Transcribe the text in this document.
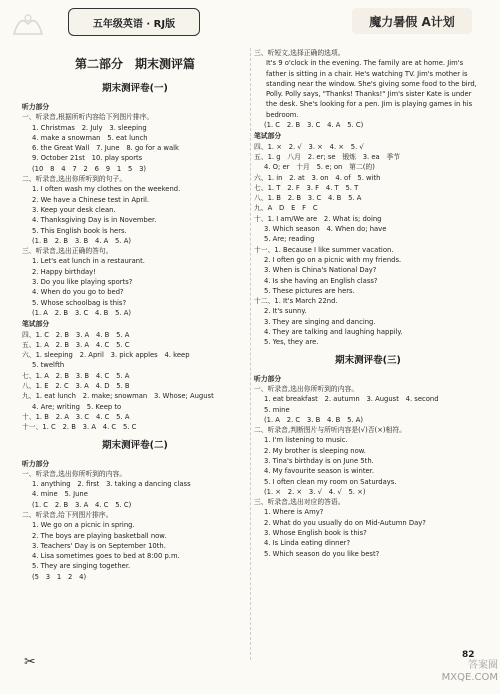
五年级英语 · RJ版	魔力暑假 A计划
第二部分　期末测评篇
期末测评卷(一)
听力部分
一、听录音,根据所听内容给下列图片排序。
1. Christmas　2. July　3. sleeping
4. make a snowman　5. eat lunch
6. the Great Wall　7. June　8. go for a walk
9. October 21st　10. play sports
(10　8　4　7　2　6　9　1　5　3)
二、听录音,选出你所听到的句子。
1. I often wash my clothes on the weekend.
2. We have a Chinese test in April.
3. Keep your desk clean.
4. Thanksgiving Day is in November.
5. This English book is hers.
(1. B　2. B　3. B　4. A　5. A)
三、听录音,选出正确的答句。
1. Let's eat lunch in a restaurant.
2. Happy birthday!
3. Do you like playing sports?
4. When do you go to bed?
5. Whose schoolbag is this?
(1. A　2. B　3. C　4. B　5. A)
笔试部分
四、1. C　2. B　3. A　4. B　5. A
五、1. A　2. B　3. A　4. C　5. C
六、1. sleeping　2. April　3. pick apples　4. keep
5. twelfth
七、1. A　2. B　3. B　4. C　5. A
八、1. E　2. C　3. A　4. D　5. B
九、1. eat lunch　2. make; snowman　3. Whose; August
4. Are; writing　5. Keep to
十、1. B　2. A　3. C　4. C　5. A
十一、1. C　2. B　3. A　4. C　5. C
期末测评卷(二)
听力部分
一、听录音,选出你所听到的内容。
1. anything　2. first　3. taking a dancing class
4. mine　5. June
(1. C　2. B　3. A　4. C　5. C)
二、听录音,给下列图片排序。
1. We go on a picnic in spring.
2. The boys are playing basketball now.
3. Teachers' Day is on September 10th.
4. Lisa sometimes goes to bed at 8:00 p.m.
5. They are singing together.
(5　3　1　2　4)
三、听短文,选择正确的选项。
It's 9 o'clock in the evening. The family are at home. Jim's father is sitting in a chair. He's watching TV. Jim's mother is standing near the window. She's giving some food to the bird, Polly. Polly says, "Thanks! Thanks!" Jim's sister Kate is under the desk. She's looking for a pen. Jim is playing games in his bedroom.
(1. C　2. B　3. C　4. A　5. C)
笔试部分
四、1. ×　2. √　3. ×　4. ×　5. √
五、1. g　八月　2. er; se　锻炼　3. ea　季节
4. O; er　十月　5. e; on　第二(的)
六、1. in　2. at　3. on　4. of　5. with
七、1. T　2. F　3. F　4. T　5. T
八、1. B　2. B　3. C　4. B　5. A
九、A　D　E　F　C
十、1. I am/We are　2. What is; doing
3. Which season　4. When do; have
5. Are; reading
十一、1. Because I like summer vacation.
2. I often go on a picnic with my friends.
3. When is China's National Day?
4. Is she having an English class?
5. These pictures are hers.
十二、1. It's March 22nd.
2. It's sunny.
3. They are singing and dancing.
4. They are talking and laughing happily.
5. Yes, they are.
期末测评卷(三)
听力部分
一、听录音,选出你所听到的内容。
1. eat breakfast　2. autumn　3. August　4. second
5. mine
(1. A　2. C　3. B　4. B　5. A)
二、听录音,判断图片与所听内容是(√)否(×)相符。
1. I'm listening to music.
2. My brother is sleeping now.
3. Tina's birthday is on June 5th.
4. My favourite season is winter.
5. I often clean my room on Saturdays.
(1. ×　2. ×　3. √　4. √　5. ×)
三、听录音,选出对应的答语。
1. Where is Amy?
2. What do you usually do on Mid-Autumn Day?
3. Whose English book is this?
4. Is Linda eating dinner?
5. Which season do you like best?
✂	82
答案圈 MXQE.COM
